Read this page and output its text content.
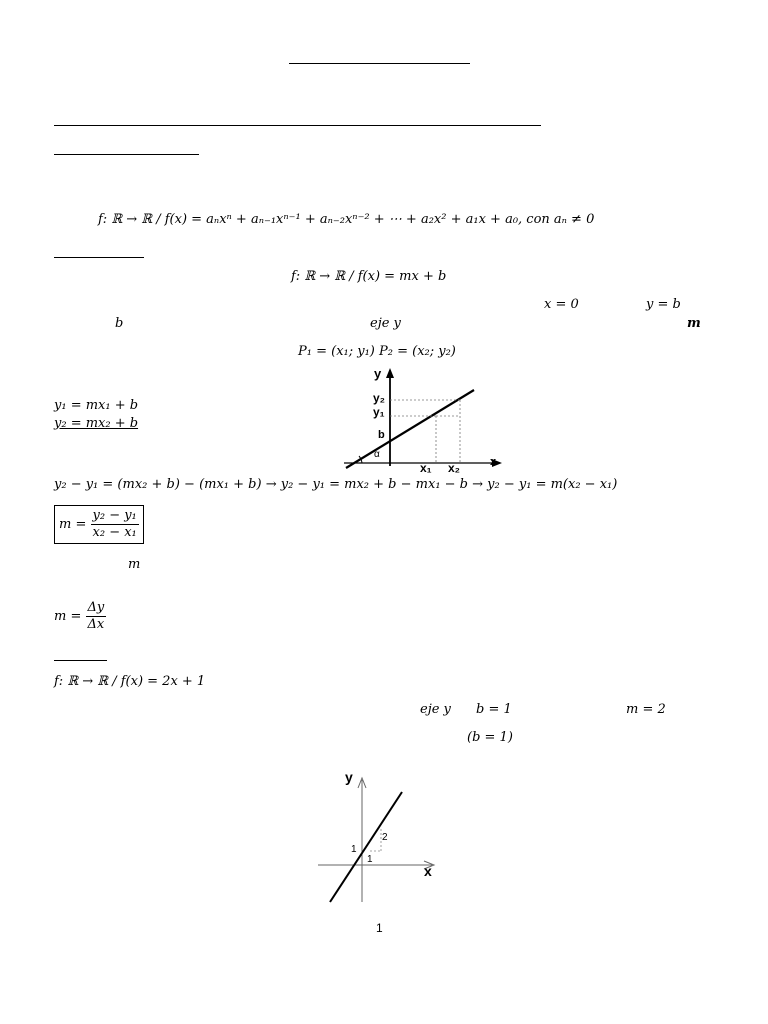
f: ℝ → ℝ / f(x) = aₙxⁿ + aₙ₋₁xⁿ⁻¹ + aₙ₋₂xⁿ⁻² + ⋯ + a₂x² + a₁x + a₀, con aₙ ≠ 0
f: ℝ → ℝ / f(x) = mx + b
x = 0	y = b
b	eje y	m
P₁ = (x₁; y₁) P₂ = (x₂; y₂)
y
y₂
y₁
b
α
x₁ x₂	x
y₁ = mx₁ + b
y₂ = mx₂ + b
y₂ − y₁ = (mx₂ + b) − (mx₁ + b) → y₂ − y₁ = mx₂ + b − mx₁ − b → y₂ − y₁ = m(x₂ − x₁)
$m = \frac{\text{y₂ − y₁}}{\text{x₂ − x₁}}$
m
$m = \frac{\Delta y}{\Delta x}$
f: ℝ → ℝ / f(x) = 2x + 1
eje y b = 1	m = 2
(b = 1)
y
x
1
1
2
1
